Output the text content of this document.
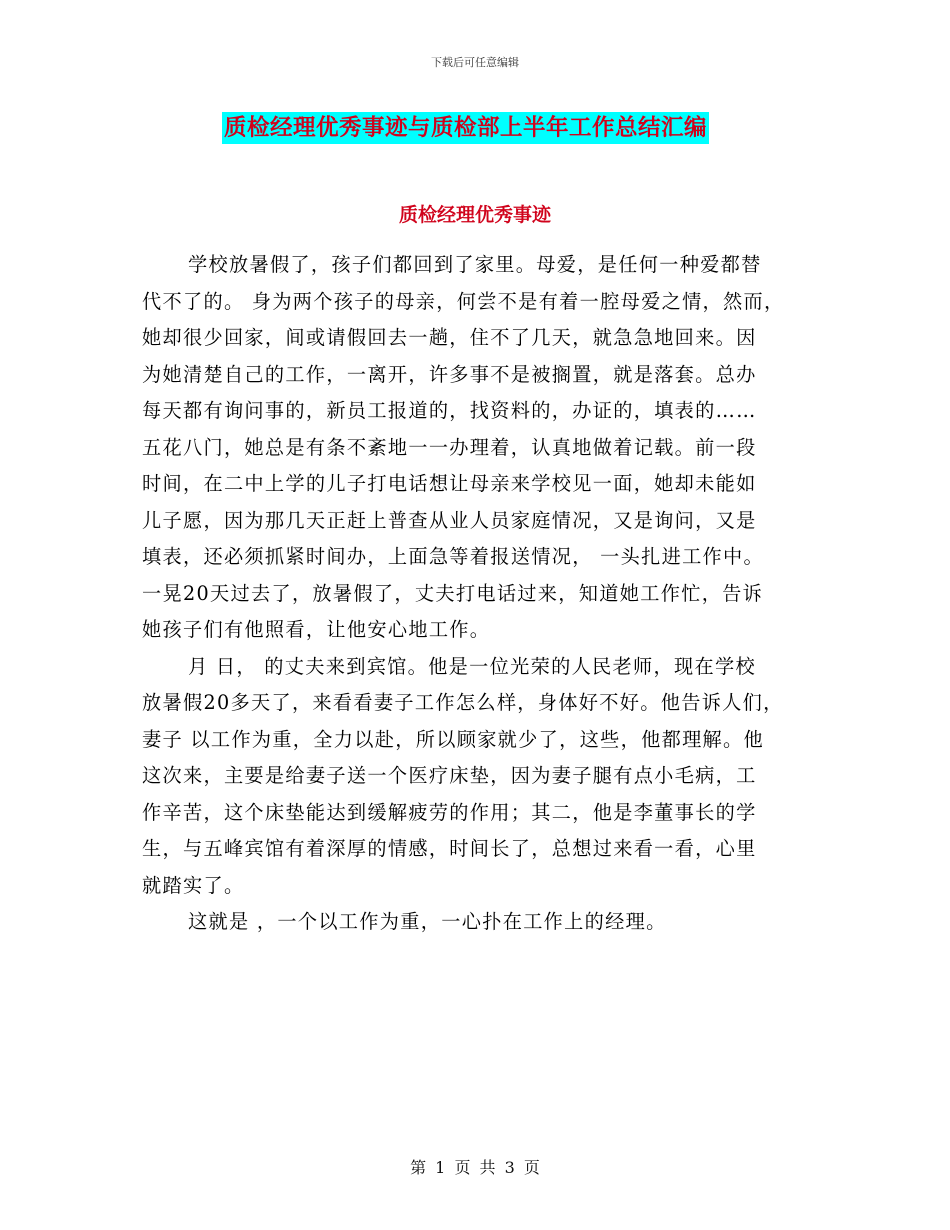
下载后可任意编辑
质检经理优秀事迹与质检部上半年工作总结汇编
质检经理优秀事迹
学校放暑假了，孩子们都回到了家里。母爱，是任何一种爱都替
代不了的。 身为两个孩子的母亲，何尝不是有着一腔母爱之情，然而，
她却很少回家，间或请假回去一趟，住不了几天，就急急地回来。因
为她清楚自己的工作，一离开，许多事不是被搁置，就是落套。总办
每天都有询问事的，新员工报道的，找资料的，办证的，填表的……
五花八门，她总是有条不紊地一一办理着，认真地做着记载。前一段
时间，在二中上学的儿子打电话想让母亲来学校见一面，她却未能如
儿子愿，因为那几天正赶上普查从业人员家庭情况，又是询问，又是
填表，还必须抓紧时间办，上面急等着报送情况， 一头扎进工作中。
一晃20天过去了，放暑假了，丈夫打电话过来，知道她工作忙，告诉
她孩子们有他照看，让他安心地工作。
月 日， 的丈夫来到宾馆。他是一位光荣的人民老师，现在学校
放暑假20多天了，来看看妻子工作怎么样，身体好不好。他告诉人们，
妻子 以工作为重，全力以赴，所以顾家就少了，这些，他都理解。他
这次来，主要是给妻子送一个医疗床垫，因为妻子腿有点小毛病，工
作辛苦，这个床垫能达到缓解疲劳的作用；其二，他是李董事长的学
生，与五峰宾馆有着深厚的情感，时间长了，总想过来看一看，心里
就踏实了。
这就是 ，一个以工作为重，一心扑在工作上的经理。
第 1 页 共 3 页
